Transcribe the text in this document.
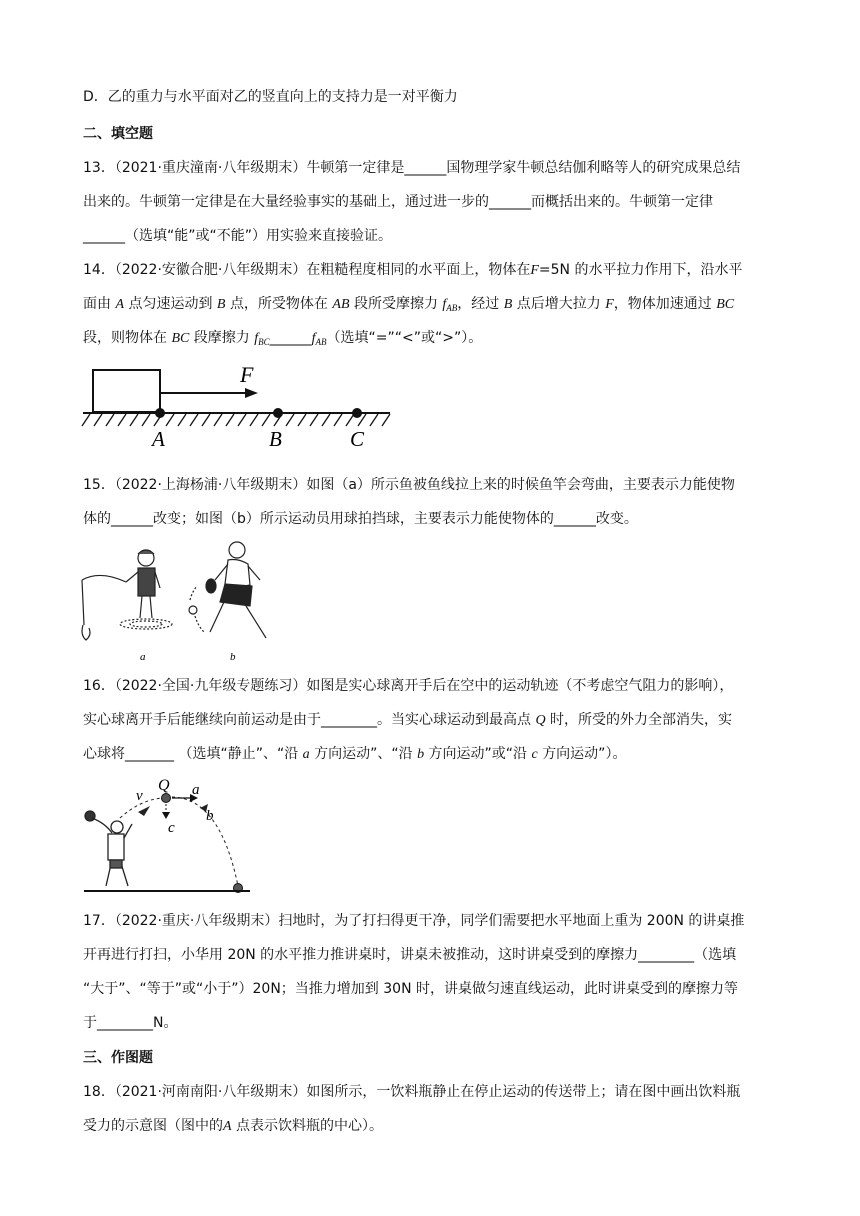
D．乙的重力与水平面对乙的竖直向上的支持力是一对平衡力
二、填空题
13．（2021·重庆潼南·八年级期末）牛顿第一定律是______国物理学家牛顿总结伽利略等人的研究成果总结
出来的。牛顿第一定律是在大量经验事实的基础上，通过进一步的______而概括出来的。牛顿第一定律
______（选填“能”或“不能”）用实验来直接验证。
14．（2022·安徽合肥·八年级期末）在粗糙程度相同的水平面上，物体在F=5N 的水平拉力作用下，沿水平
面由 A 点匀速运动到 B 点，所受物体在 AB 段所受摩擦力 $f_{AB}$，经过 B 点后增大拉力 F，物体加速通过 BC
段，则物体在 BC 段摩擦力 $f_{BC}\_\_\_\_\_\_f_{AB}$（选填“=”“<”或“>”）。
F
A	B	C
15．（2022·上海杨浦·八年级期末）如图（a）所示鱼被鱼线拉上来的时候鱼竿会弯曲，主要表示力能使物
体的______改变；如图（b）所示运动员用球拍挡球，主要表示力能使物体的______改变。
a	b
16．（2022·全国·九年级专题练习）如图是实心球离开手后在空中的运动轨迹（不考虑空气阻力的影响），
实心球离开手后能继续向前运动是由于________。当实心球运动到最高点 Q 时，所受的外力全部消失，实
心球将_______ （选填“静止”、“沿 a 方向运动”、“沿 b 方向运动”或“沿 c 方向运动”）。
v
Q a
b
c
17．（2022·重庆·八年级期末）扫地时，为了打扫得更干净，同学们需要把水平地面上重为 200N 的讲桌推
开再进行打扫，小华用 20N 的水平推力推讲桌时，讲桌未被推动，这时讲桌受到的摩擦力________（选填
“大于”、“等于”或“小于”）20N；当推力增加到 30N 时，讲桌做匀速直线运动，此时讲桌受到的摩擦力等
于________N。
三、作图题
18．（2021·河南南阳·八年级期末）如图所示，一饮料瓶静止在停止运动的传送带上；请在图中画出饮料瓶
受力的示意图（图中的A 点表示饮料瓶的中心）。
